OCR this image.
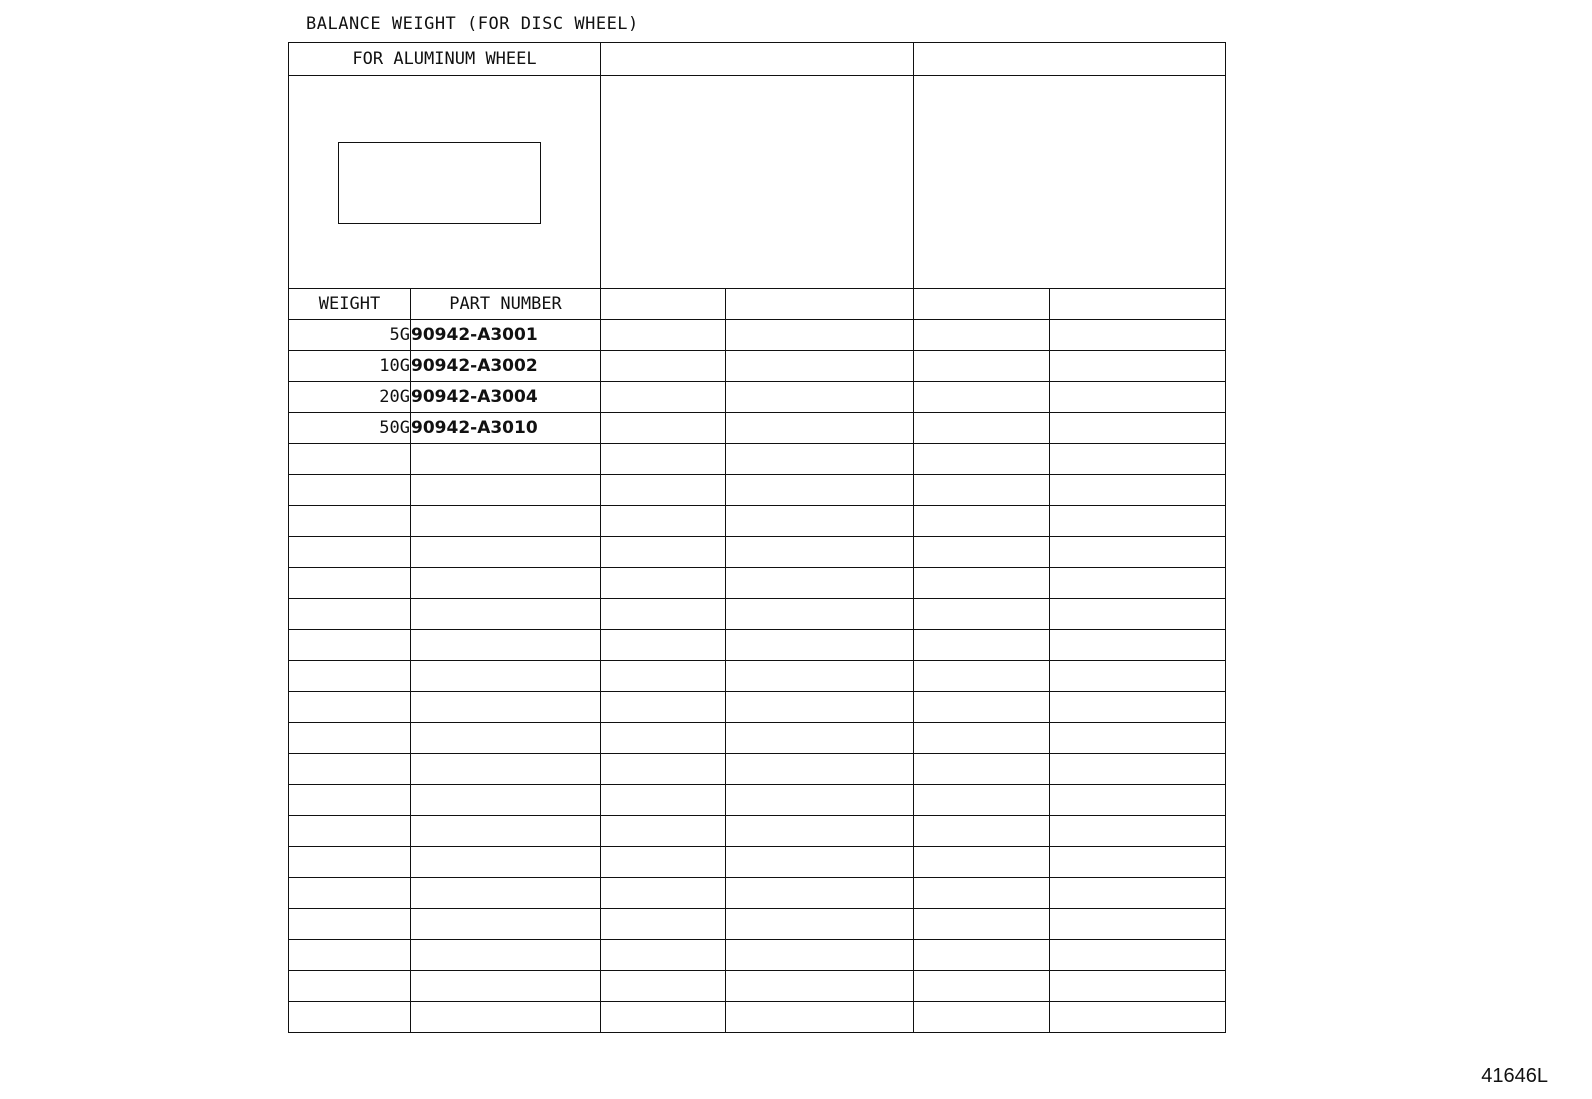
BALANCE WEIGHT (FOR DISC WHEEL)
FOR ALUMINUM WHEEL					

WEIGHT	PART NUMBER				
5G	90942-A3001				
10G	90942-A3002				
20G	90942-A3004				
50G	90942-A3010				

41646L
